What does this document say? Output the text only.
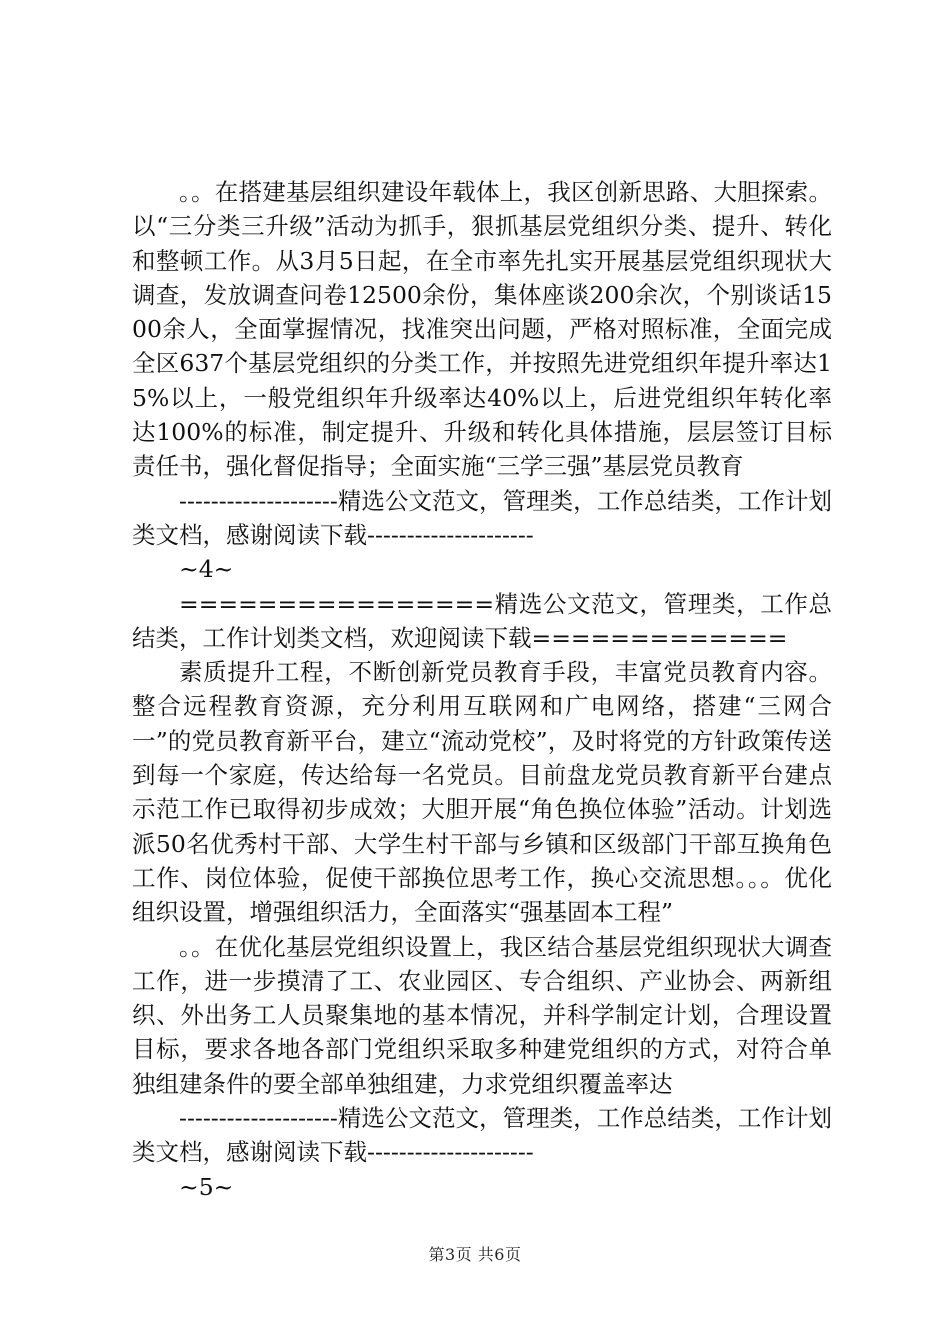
。。在搭建基层组织建设年载体上，我区创新思路、大胆探索。以“三分类三升级”活动为抓手，狠抓基层党组织分类、提升、转化和整顿工作。从3月5日起，在全市率先扎实开展基层党组织现状大调查，发放调查问卷12500余份，集体座谈200余次，个别谈话1500余人，全面掌握情况，找准突出问题，严格对照标准，全面完成全区637个基层党组织的分类工作，并按照先进党组织年提升率达15%以上，一般党组织年升级率达40%以上，后进党组织年转化率达100%的标准，制定提升、升级和转化具体措施，层层签订目标责任书，强化督促指导；全面实施“三学三强”基层党员教育

--------------------精选公文范文，管理类，工作总结类，工作计划类文档，感谢阅读下载---------------------

~4~

================精选公文范文，管理类，工作总结类，工作计划类文档，欢迎阅读下载=============

素质提升工程，不断创新党员教育手段，丰富党员教育内容。整合远程教育资源，充分利用互联网和广电网络，搭建“三网合一”的党员教育新平台，建立“流动党校”，及时将党的方针政策传送到每一个家庭，传达给每一名党员。目前盘龙党员教育新平台建点示范工作已取得初步成效；大胆开展“角色换位体验”活动。计划选派50名优秀村干部、大学生村干部与乡镇和区级部门干部互换角色工作、岗位体验，促使干部换位思考工作，换心交流思想。。。优化组织设置，增强组织活力，全面落实“强基固本工程”

。。在优化基层党组织设置上，我区结合基层党组织现状大调查工作，进一步摸清了工、农业园区、专合组织、产业协会、两新组织、外出务工人员聚集地的基本情况，并科学制定计划，合理设置目标，要求各地各部门党组织采取多种建党组织的方式，对符合单独组建条件的要全部单独组建，力求党组织覆盖率达

--------------------精选公文范文，管理类，工作总结类，工作计划类文档，感谢阅读下载---------------------

~5~

第3页 共6页
